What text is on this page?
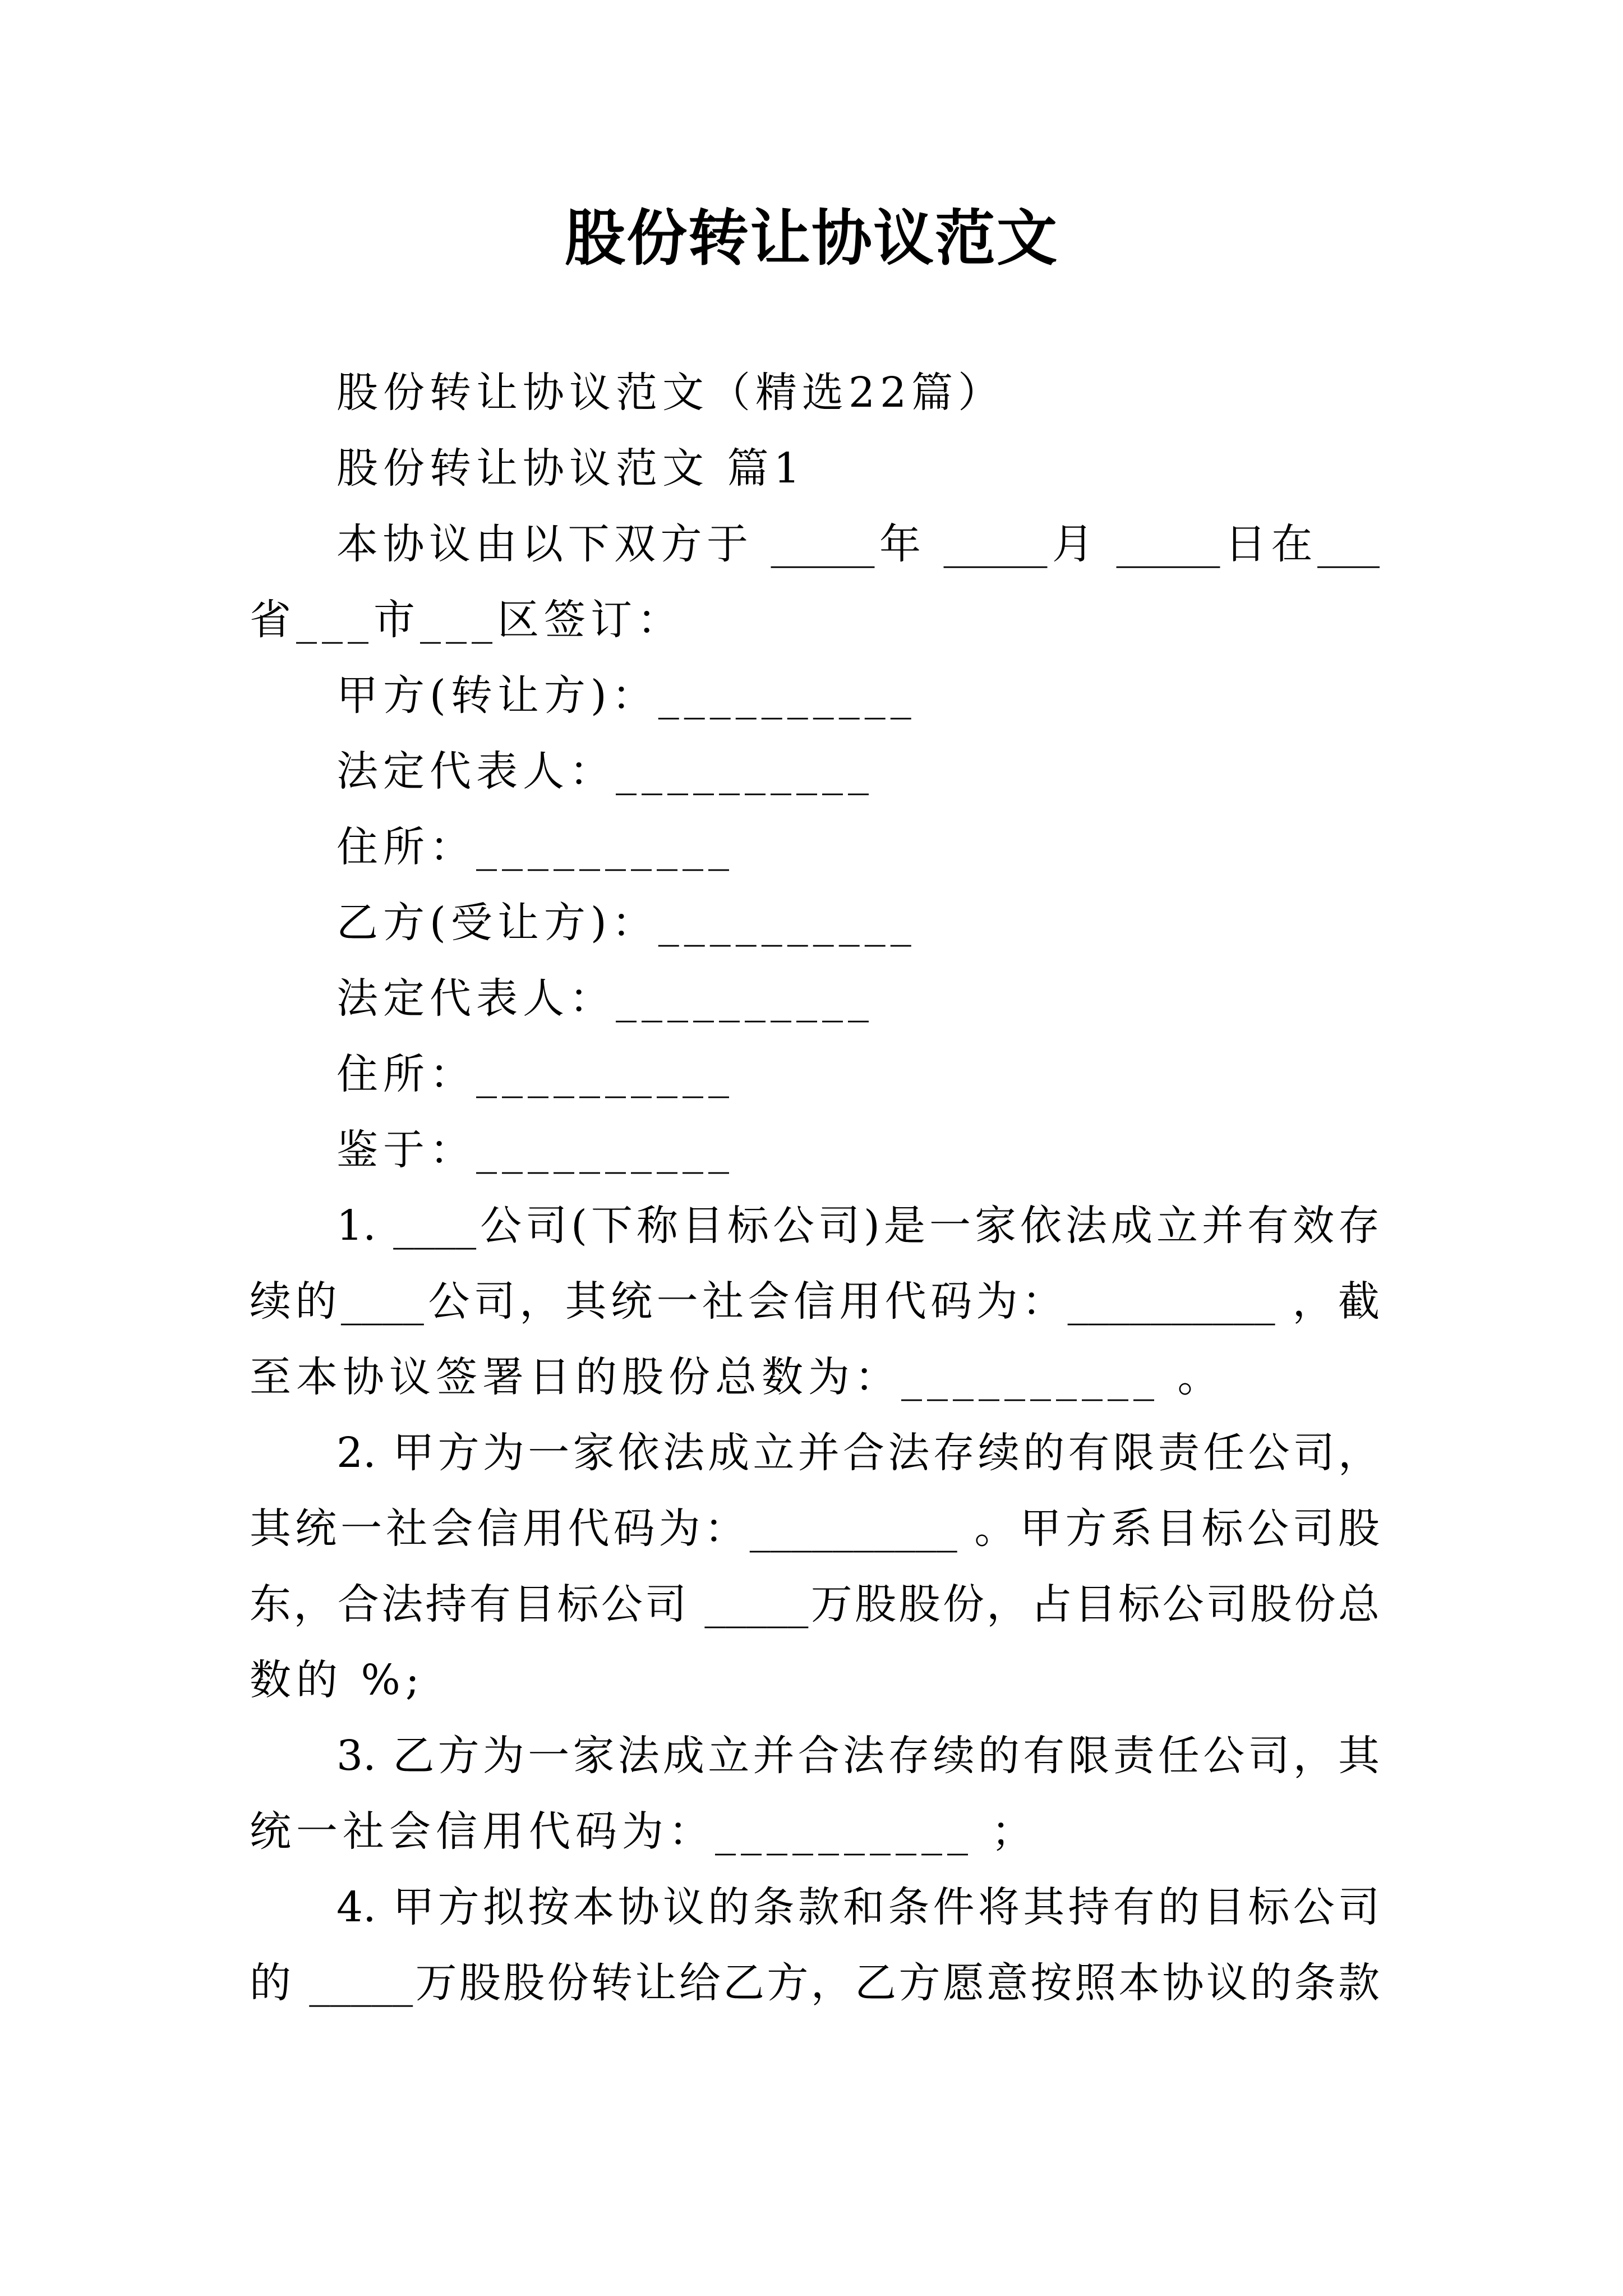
股份转让协议范文
股份转让协议范文（精选22篇）
股份转让协议范文 篇1
本协议由以下双方于 _____年 _____月 _____日在___
省___市___区签订：
甲方(转让方)：__________
法定代表人：__________
住所：__________
乙方(受让方)：__________
法定代表人：__________
住所：__________
鉴于：__________
1. ____公司(下称目标公司)是一家依法成立并有效存
续的____公司，其统一社会信用代码为：__________ ，截
至本协议签署日的股份总数为：__________ 。
2. 甲方为一家依法成立并合法存续的有限责任公司，
其统一社会信用代码为：__________ 。甲方系目标公司股
东，合法持有目标公司 _____万股股份，占目标公司股份总
数的 %;
3. 乙方为一家法成立并合法存续的有限责任公司，其
统一社会信用代码为：__________ ；
4. 甲方拟按本协议的条款和条件将其持有的目标公司
的 _____万股股份转让给乙方，乙方愿意按照本协议的条款
